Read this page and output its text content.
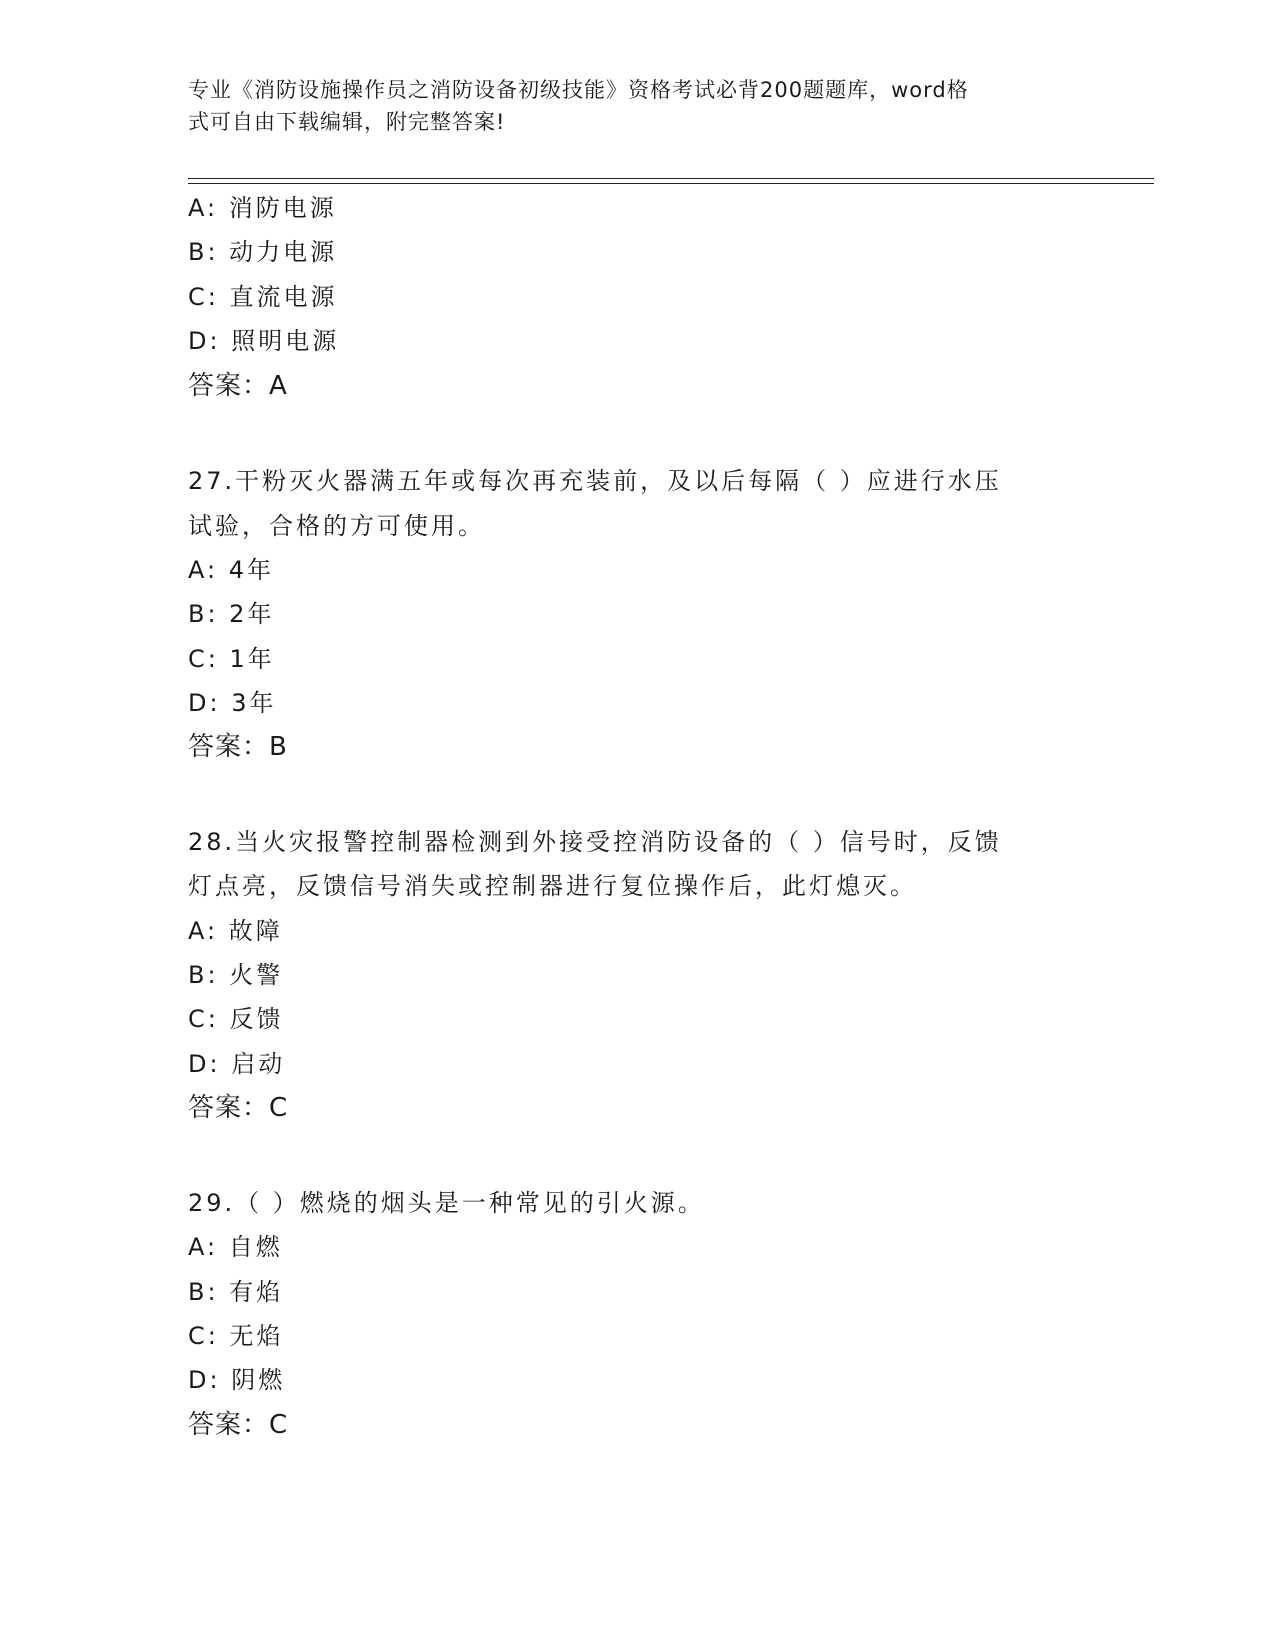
专业《消防设施操作员之消防设备初级技能》资格考试必背200题题库，word格
式可自由下载编辑，附完整答案!
A: 消防电源
B: 动力电源
C: 直流电源
D: 照明电源
答案：A
27.干粉灭火器满五年或每次再充装前，及以后每隔（ ）应进行水压
试验，合格的方可使用。
A: 4年
B: 2年
C: 1年
D: 3年
答案：B
28.当火灾报警控制器检测到外接受控消防设备的（ ）信号时，反馈
灯点亮，反馈信号消失或控制器进行复位操作后，此灯熄灭。
A: 故障
B: 火警
C: 反馈
D: 启动
答案：C
29.（ ）燃烧的烟头是一种常见的引火源。
A: 自燃
B: 有焰
C: 无焰
D: 阴燃
答案：C
